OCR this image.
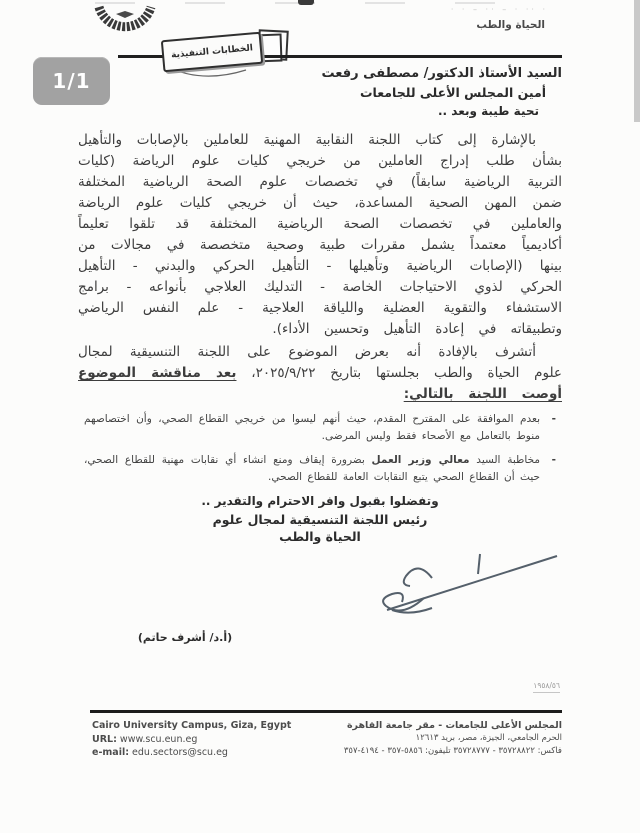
الخطابات التنفيذية
· ·· · – ·· – · ·
الحياة والطب
السيد الأستاذ الدكتور/ مصطفى رفعت
أمين المجلس الأعلى للجامعات
تحية طيبة وبعد ..

بالإشارة إلى كتاب اللجنة النقابية المهنية للعاملين بالإصابات والتأهيل بشأن طلب إدراج العاملين من خريجي كليات علوم الرياضة (كليات التربية الرياضية سابقاً) في تخصصات علوم الصحة الرياضية المختلفة ضمن المهن الصحية المساعدة، حيث أن خريجي كليات علوم الرياضة والعاملين في تخصصات الصحة الرياضية المختلفة قد تلقوا تعليماً أكاديمياً معتمداً يشمل مقررات طبية وصحية متخصصة في مجالات من بينها (الإصابات الرياضية وتأهيلها - التأهيل الحركي والبدني - التأهيل الحركي لذوي الاحتياجات الخاصة - التدليك العلاجي بأنواعه - برامج الاستشفاء والتقوية العضلية واللياقة العلاجية - علم النفس الرياضي وتطبيقاته في إعادة التأهيل وتحسين الأداء).

أتشرف بالإفادة أنه بعرض الموضوع على اللجنة التنسيقية لمجال علوم الحياة والطب بجلستها بتاريخ ٢٠٢٥/٩/٢٢، بعد مناقشة الموضوع أوصت اللجنة بالتالي:

-
بعدم الموافقة على المقترح المقدم، حيث أنهم ليسوا من خريجي القطاع الصحي، وأن اختصاصهم منوط بالتعامل مع الأصحاء فقط وليس المرضى.
-
مخاطبة السيد معالي وزير العمل بضرورة إيقاف ومنع انشاء أي نقابات مهنية للقطاع الصحي، حيث أن القطاع الصحي يتبع النقابات العامة للقطاع الصحي.

وتفضلوا بقبول وافر الاحترام والتقدير ..

رئيس اللجنة التنسيقية لمجال علوم

الحياة والطب

(أ.د/ أشرف حاتم)
١٩٥٨/٥٦
المجلس الأعلى للجامعات - مقر جامعة القاهرة
الحرم الجامعي، الجيزة، مصر، بريد ١٢٦١٣
فاكس: ٣٥٧٢٨٨٢٢ - ٣٥٧٢٨٧٧٧ تليفون: ٥٨٥٦-٣٥٧ - ٤١٩٤-٣٥٧
Cairo University Campus, Giza, Egypt
URL: www.scu.eun.eg
e-mail: edu.sectors@scu.eg
1/1
